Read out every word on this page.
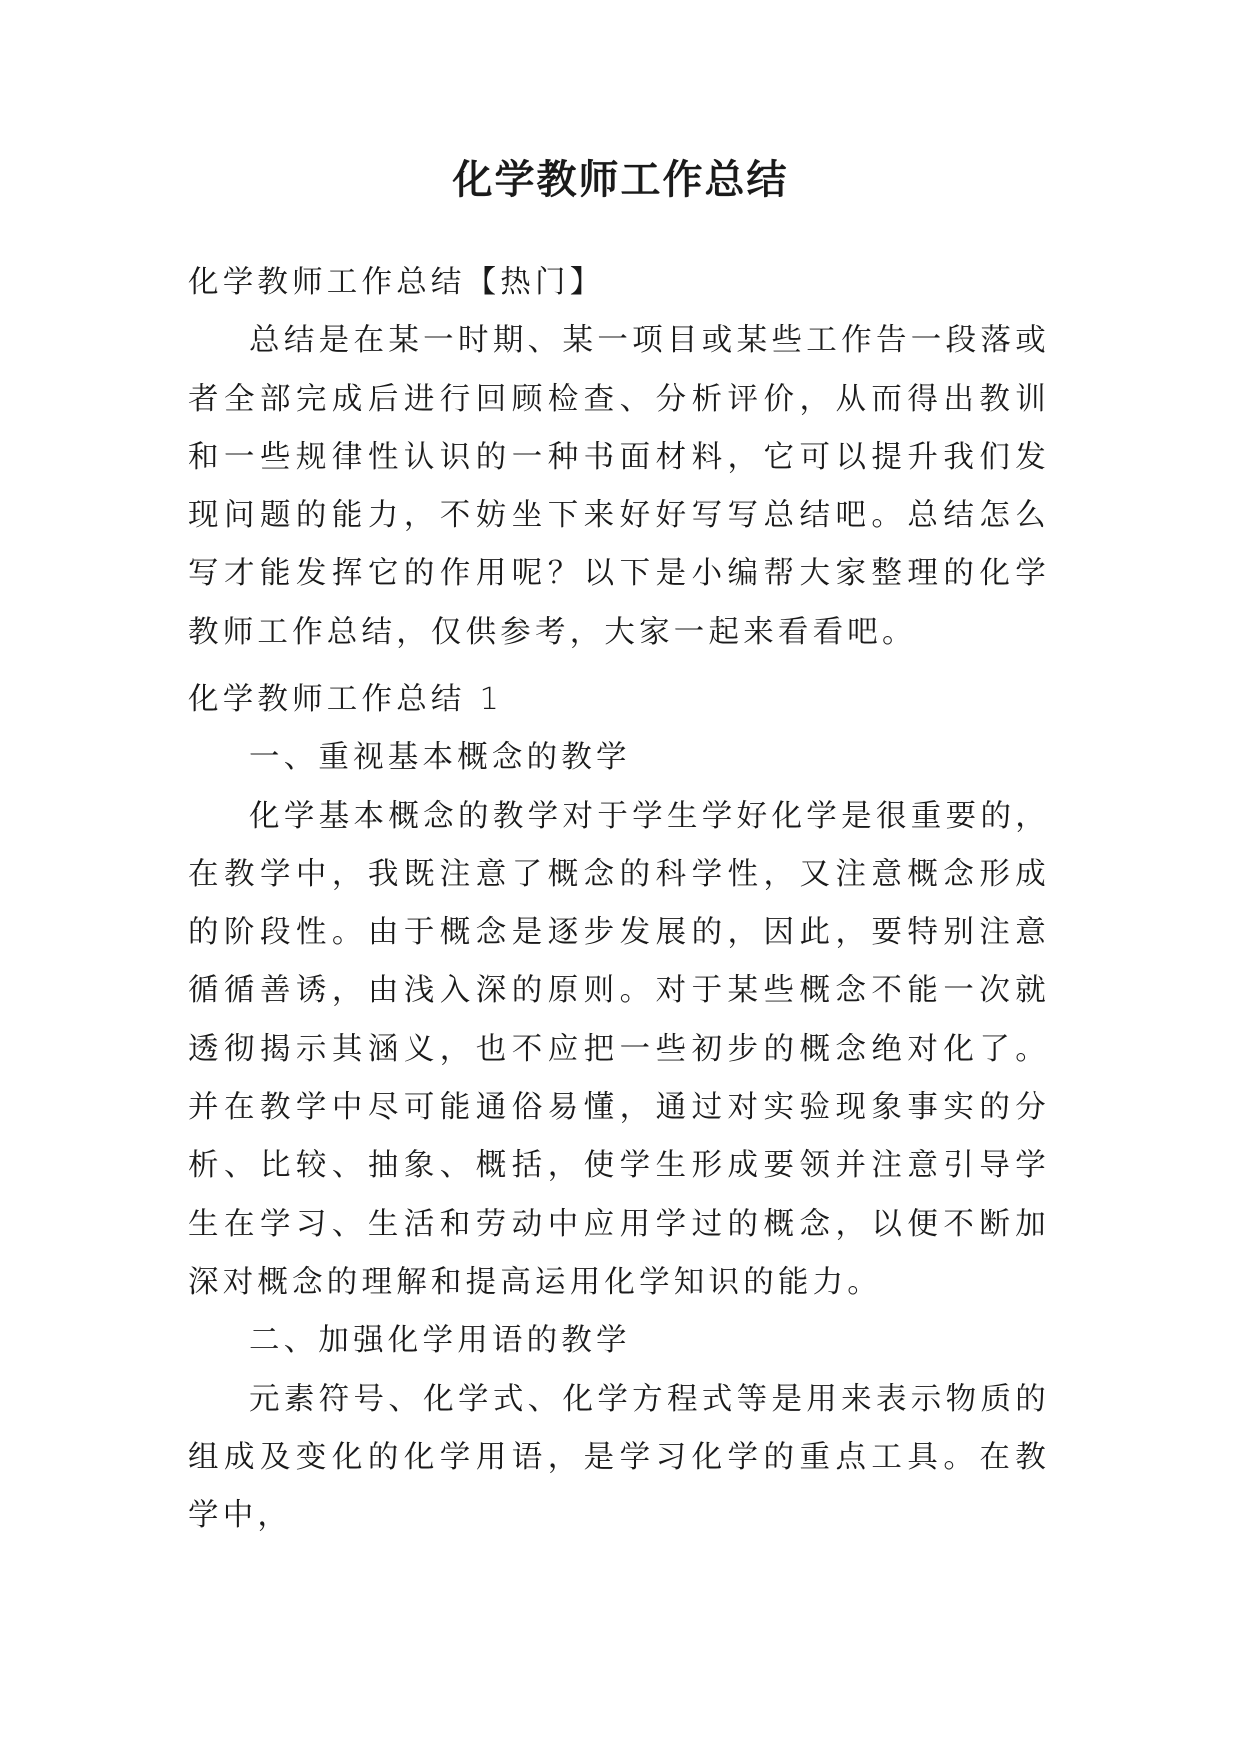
化学教师工作总结

化学教师工作总结【热门】

总结是在某一时期、某一项目或某些工作告一段落或者全部完成后进行回顾检查、分析评价，从而得出教训和一些规律性认识的一种书面材料，它可以提升我们发现问题的能力，不妨坐下来好好写写总结吧。总结怎么写才能发挥它的作用呢？以下是小编帮大家整理的化学教师工作总结，仅供参考，大家一起来看看吧。

化学教师工作总结 1

一、重视基本概念的教学

化学基本概念的教学对于学生学好化学是很重要的，在教学中，我既注意了概念的科学性，又注意概念形成的阶段性。由于概念是逐步发展的，因此，要特别注意循循善诱，由浅入深的原则。对于某些概念不能一次就透彻揭示其涵义，也不应把一些初步的概念绝对化了。并在教学中尽可能通俗易懂，通过对实验现象事实的分析、比较、抽象、概括，使学生形成要领并注意引导学生在学习、生活和劳动中应用学过的概念，以便不断加深对概念的理解和提高运用化学知识的能力。

二、加强化学用语的教学

元素符号、化学式、化学方程式等是用来表示物质的组成及变化的化学用语，是学习化学的重点工具。在教学中，
